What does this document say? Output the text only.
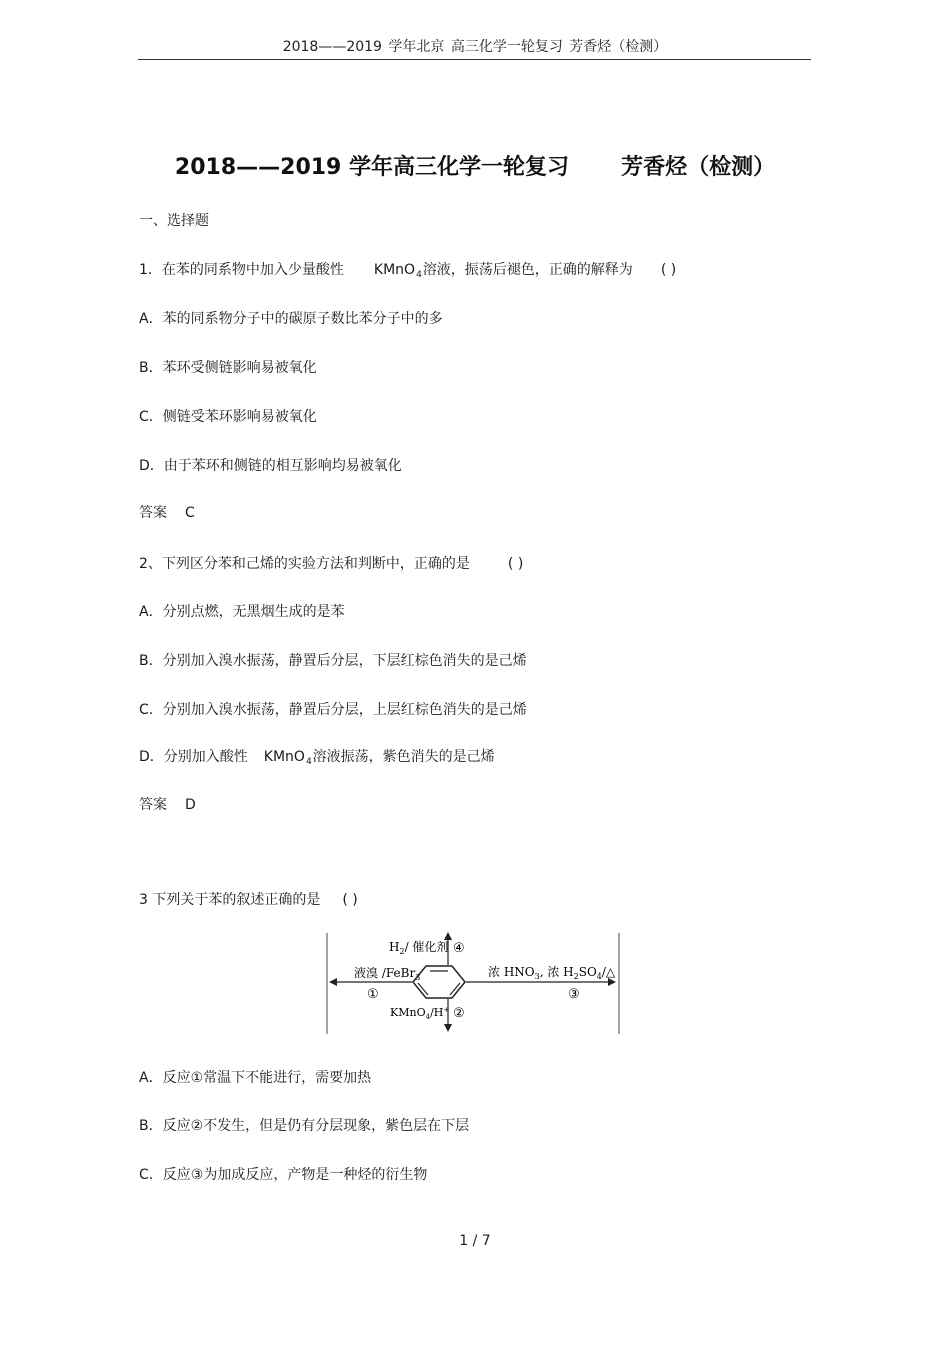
2018——2019 学年北京 高三化学一轮复习 芳香烃（检测）
2018——2019 学年高三化学一轮复习 芳香烃（检测）
一、选择题
1．在苯的同系物中加入少量酸性 KMnO$_4$溶液，振荡后褪色，正确的解释为 ( )
A．苯的同系物分子中的碳原子数比苯分子中的多
B．苯环受侧链影响易被氧化
C．侧链受苯环影响易被氧化
D．由于苯环和侧链的相互影响均易被氧化
答案 C
2、下列区分苯和己烯的实验方法和判断中，正确的是	( )
A．分别点燃，无黑烟生成的是苯
B．分别加入溴水振荡，静置后分层，下层红棕色消失的是己烯
C．分别加入溴水振荡，静置后分层，上层红棕色消失的是己烯
D．分别加入酸性 KMnO$_4$溶液振荡，紫色消失的是己烯
答案 D
3 下列关于苯的叙述正确的是 ( )
$H_2/$ 催化剂 ④
液溴 /FeBr$_3$
①
浓 $HNO_3$, 浓 $H_2SO_4/\triangle$
③
KMnO$_4$/H+ ②
A．反应①常温下不能进行，需要加热
B．反应②不发生，但是仍有分层现象，紫色层在下层
C．反应③为加成反应，产物是一种烃的衍生物
1 / 7
